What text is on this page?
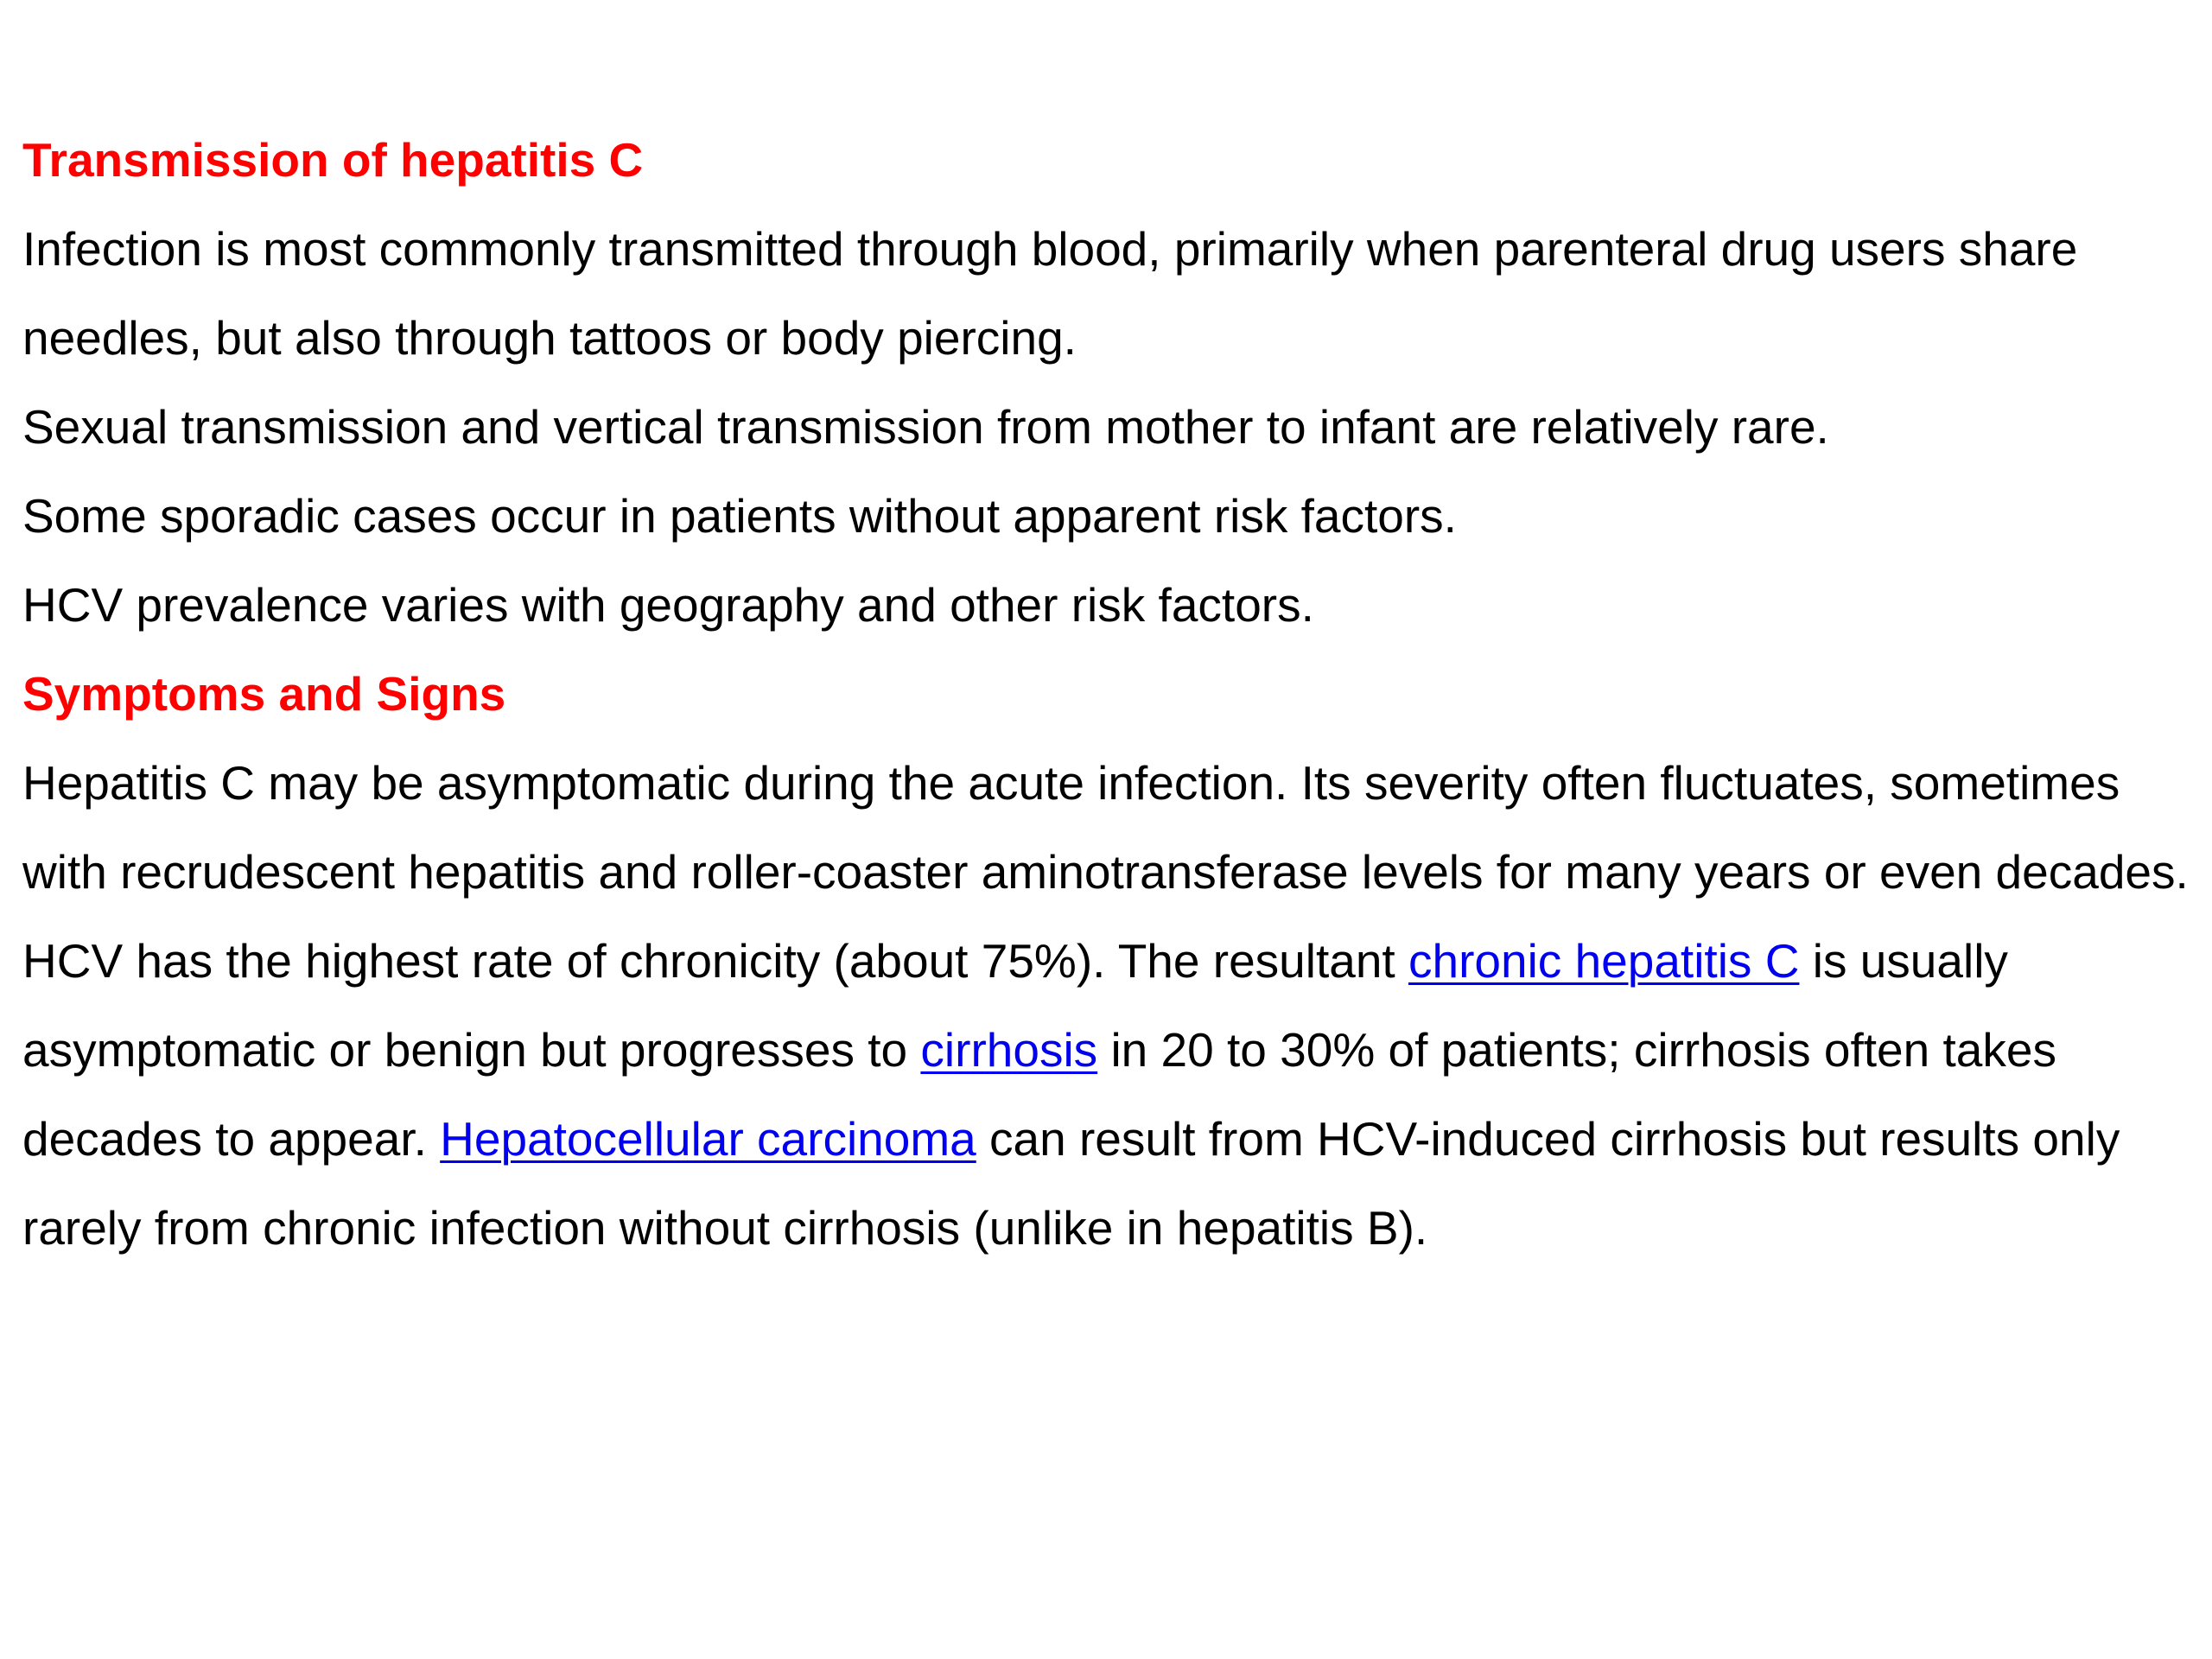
Transmission of hepatitis C

Infection is most commonly transmitted through blood, primarily when parenteral drug users share needles, but also through tattoos or body piercing.

Sexual transmission and vertical transmission from mother to infant are relatively rare.

Some sporadic cases occur in patients without apparent risk factors.

HCV prevalence varies with geography and other risk factors.

Symptoms and Signs

Hepatitis C may be asymptomatic during the acute infection. Its severity often fluctuates, sometimes with recrudescent hepatitis and roller-coaster aminotransferase levels for many years or even decades.

HCV has the highest rate of chronicity (about 75%). The resultant chronic hepatitis C is usually asymptomatic or benign but progresses to cirrhosis in 20 to 30% of patients; cirrhosis often takes decades to appear. Hepatocellular carcinoma can result from HCV-induced cirrhosis but results only rarely from chronic infection without cirrhosis (unlike in hepatitis B).
